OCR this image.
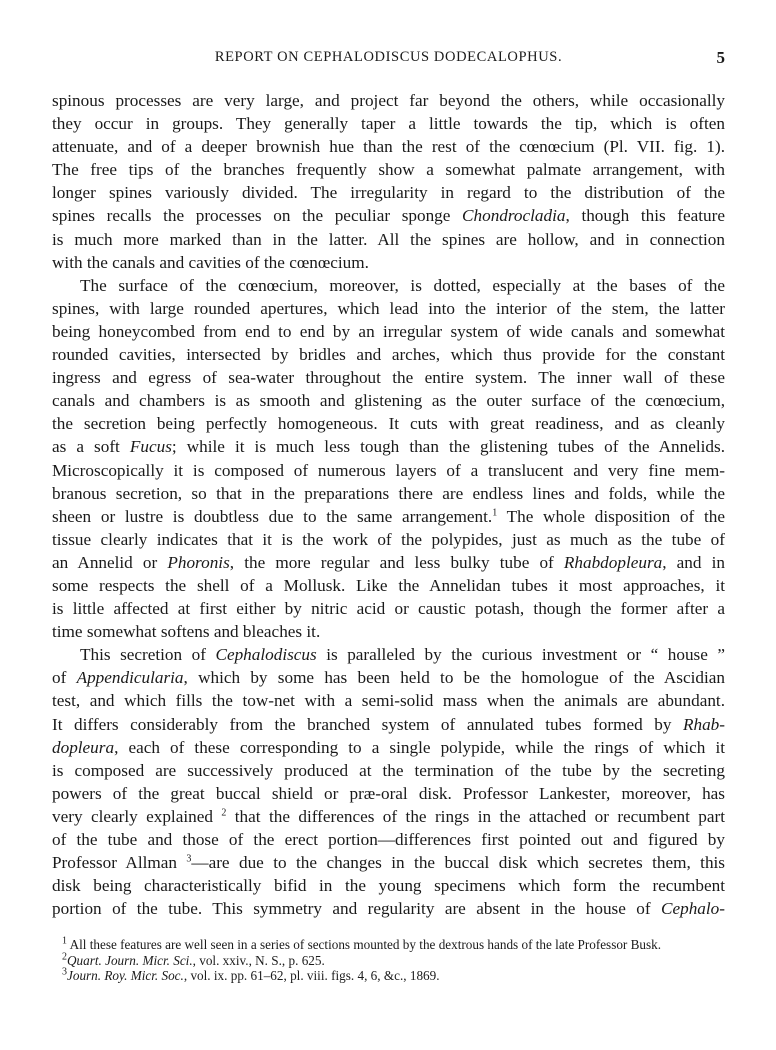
REPORT ON CEPHALODISCUS DODECALOPHUS.	5
spinous processes are very large, and project far beyond the others, while occasionally
they occur in groups. They generally taper a little towards the tip, which is often
attenuate, and of a deeper brownish hue than the rest of the cœnœcium (Pl. VII. fig. 1).
The free tips of the branches frequently show a somewhat palmate arrangement, with
longer spines variously divided. The irregularity in regard to the distribution of the
spines recalls the processes on the peculiar sponge Chondrocladia, though this feature
is much more marked than in the latter. All the spines are hollow, and in connection
with the canals and cavities of the cœnœcium.
The surface of the cœnœcium, moreover, is dotted, especially at the bases of the
spines, with large rounded apertures, which lead into the interior of the stem, the latter
being honeycombed from end to end by an irregular system of wide canals and somewhat
rounded cavities, intersected by bridles and arches, which thus provide for the constant
ingress and egress of sea-water throughout the entire system. The inner wall of these
canals and chambers is as smooth and glistening as the outer surface of the cœnœcium,
the secretion being perfectly homogeneous. It cuts with great readiness, and as cleanly
as a soft Fucus; while it is much less tough than the glistening tubes of the Annelids.
Microscopically it is composed of numerous layers of a translucent and very fine mem-
branous secretion, so that in the preparations there are endless lines and folds, while the
sheen or lustre is doubtless due to the same arrangement.$^1$ The whole disposition of the
tissue clearly indicates that it is the work of the polypides, just as much as the tube of
an Annelid or Phoronis, the more regular and less bulky tube of Rhabdopleura, and in
some respects the shell of a Mollusk. Like the Annelidan tubes it most approaches, it
is little affected at first either by nitric acid or caustic potash, though the former after a
time somewhat softens and bleaches it.
This secretion of Cephalodiscus is paralleled by the curious investment or “ house ”
of Appendicularia, which by some has been held to be the homologue of the Ascidian
test, and which fills the tow-net with a semi-solid mass when the animals are abundant.
It differs considerably from the branched system of annulated tubes formed by Rhab-
dopleura, each of these corresponding to a single polypide, while the rings of which it
is composed are successively produced at the termination of the tube by the secreting
powers of the great buccal shield or præ-oral disk. Professor Lankester, moreover, has
very clearly explained $^2$ that the differences of the rings in the attached or recumbent part
of the tube and those of the erect portion—differences first pointed out and figured by
Professor Allman $^3$—are due to the changes in the buccal disk which secretes them, this
disk being characteristically bifid in the young specimens which form the recumbent
portion of the tube. This symmetry and regularity are absent in the house of Cephalo-
$^1$ All these features are well seen in a series of sections mounted by the dextrous hands of the late Professor Busk.
$^2$Quart. Journ. Micr. Sci., vol. xxiv., N. S., p. 625.
$^3$Journ. Roy. Micr. Soc., vol. ix. pp. 61–62, pl. viii. figs. 4, 6, &c., 1869.
